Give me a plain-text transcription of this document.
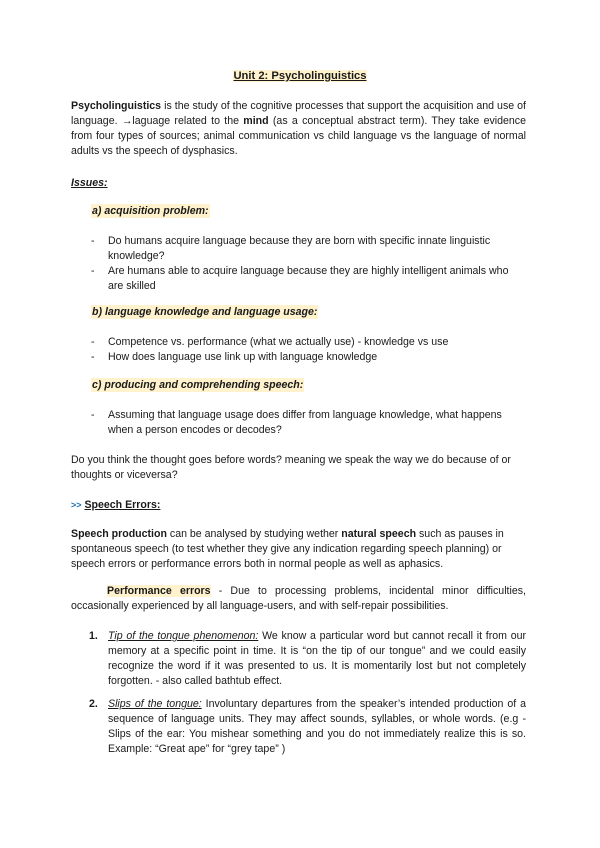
Unit 2: Psycholinguistics

Psycholinguistics is the study of the cognitive processes that support the acquisition and use of language. →laguage related to the mind (as a conceptual abstract term). They take evidence from four types of sources; animal communication vs child language vs the language of normal adults vs the speech of dysphasics.

Issues:

a) acquisition problem:

- Do humans acquire language because they are born with specific innate linguistic knowledge?
- Are humans able to acquire language because they are highly intelligent animals who are skilled

b) language knowledge and language usage:

- Competence vs. performance (what we actually use) - knowledge vs use
- How does language use link up with language knowledge

c) producing and comprehending speech:

- Assuming that language usage does differ from language knowledge, what happens when a person encodes or decodes?

Do you think the thought goes before words? meaning we speak the way we do because of or thoughts or viceversa?

>> Speech Errors:

Speech production can be analysed by studying wether natural speech such as pauses in spontaneous speech (to test whether they give any indication regarding speech planning) or speech errors or performance errors both in normal people as well as aphasics.

Performance errors - Due to processing problems, incidental minor difficulties, occasionally experienced by all language-users, and with self-repair possibilities.

1. Tip of the tongue phenomenon: We know a particular word but cannot recall it from our memory at a specific point in time. It is “on the tip of our tongue” and we could easily recognize the word if it was presented to us. It is momentarily lost but not completely forgotten. - also called bathtub effect.
2. Slips of the tongue: Involuntary departures from the speaker’s intended production of a sequence of language units. They may affect sounds, syllables, or whole words. (e.g - Slips of the ear: You mishear something and you do not immediately realize this is so. Example: “Great ape” for “grey tape” )
